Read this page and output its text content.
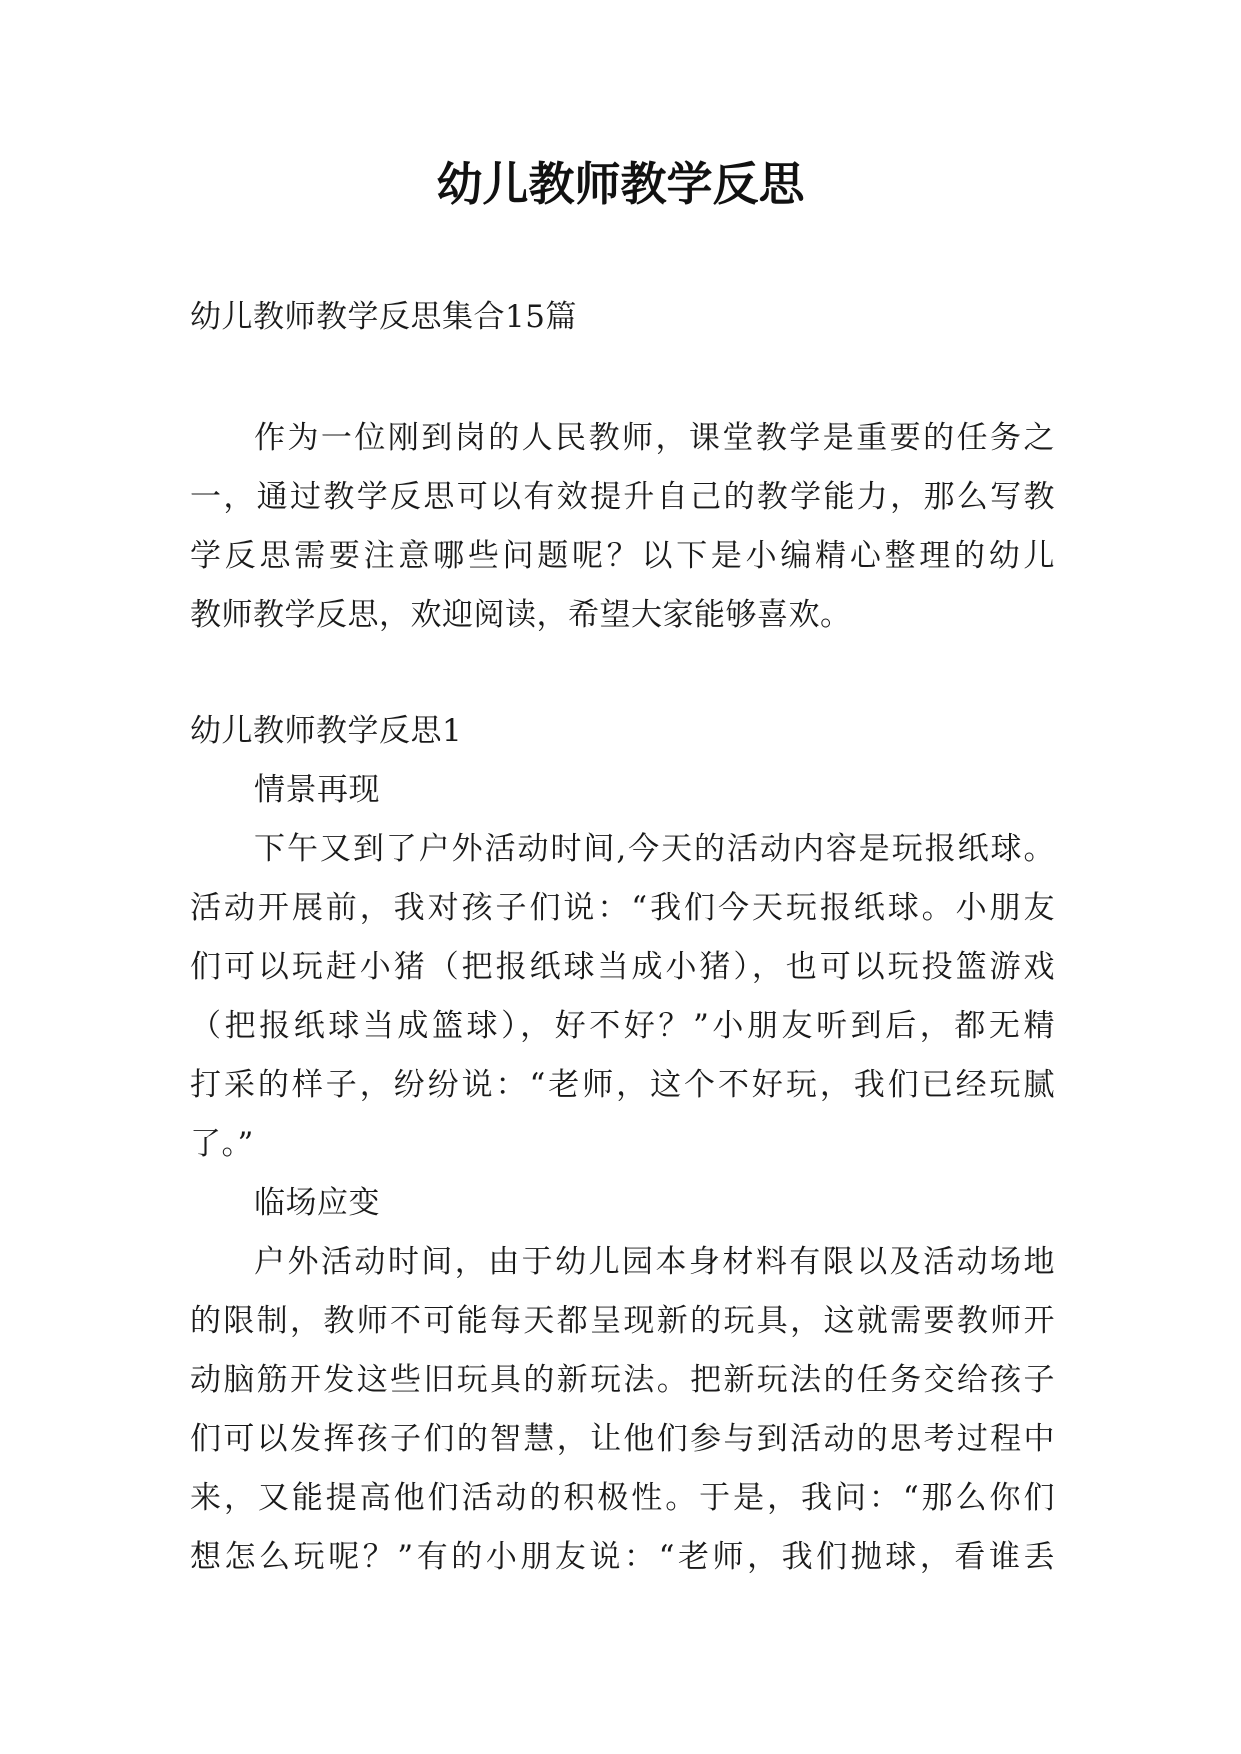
幼儿教师教学反思
幼儿教师教学反思集合15篇
作为一位刚到岗的人民教师，课堂教学是重要的任务之
一，通过教学反思可以有效提升自己的教学能力，那么写教
学反思需要注意哪些问题呢？以下是小编精心整理的幼儿
教师教学反思，欢迎阅读，希望大家能够喜欢。
幼儿教师教学反思1
情景再现
下午又到了户外活动时间,今天的活动内容是玩报纸球。
活动开展前，我对孩子们说：“我们今天玩报纸球。小朋友
们可以玩赶小猪（把报纸球当成小猪），也可以玩投篮游戏
（把报纸球当成篮球），好不好？”小朋友听到后，都无精
打采的样子，纷纷说：“老师，这个不好玩，我们已经玩腻
了。”
临场应变
户外活动时间，由于幼儿园本身材料有限以及活动场地
的限制，教师不可能每天都呈现新的玩具，这就需要教师开
动脑筋开发这些旧玩具的新玩法。把新玩法的任务交给孩子
们可以发挥孩子们的智慧，让他们参与到活动的思考过程中
来，又能提高他们活动的积极性。于是，我问：“那么你们
想怎么玩呢？”有的小朋友说：“老师，我们抛球，看谁丢
